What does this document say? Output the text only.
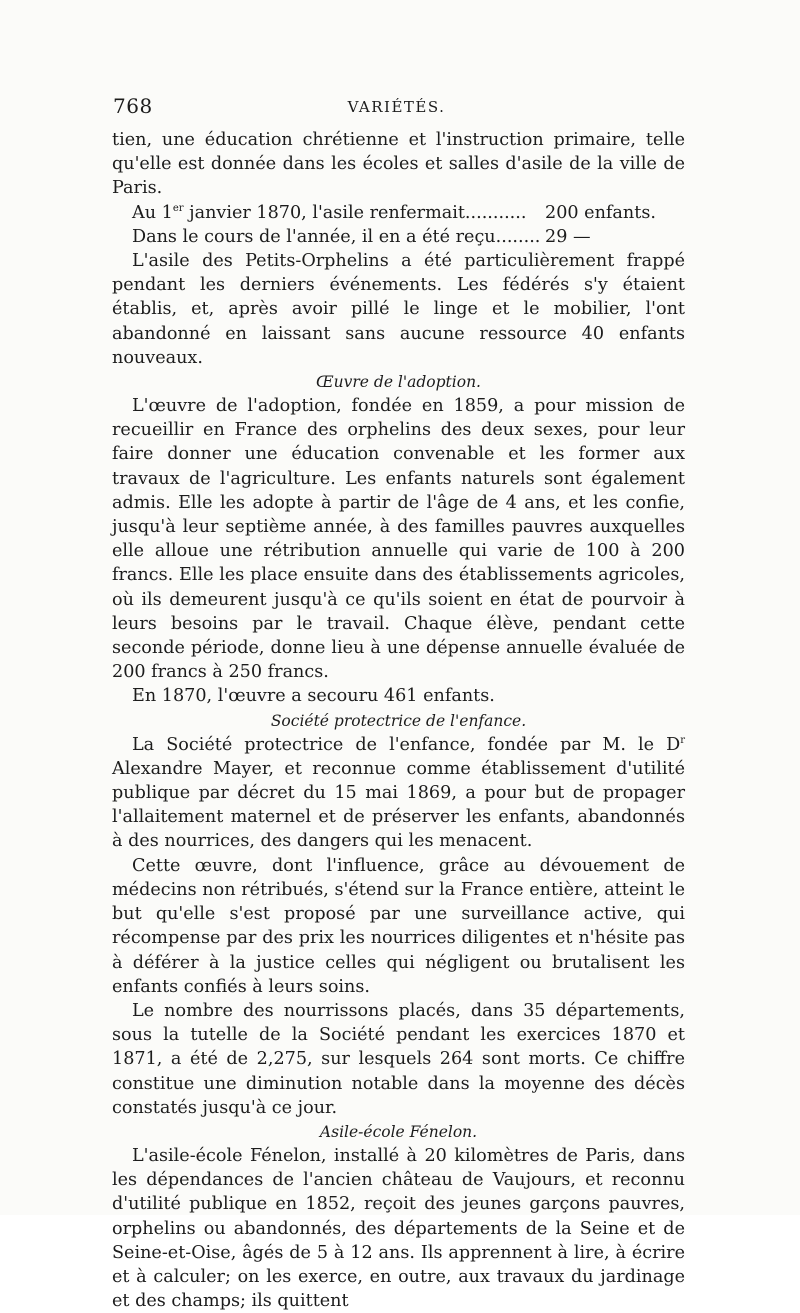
768	VARIÉTÉS.

tien, une éducation chrétienne et l'instruction primaire, telle qu'elle est donnée dans les écoles et salles d'asile de la ville de Paris.

Au 1er janvier 1870, l'asile renfermait...........	200 enfants.
Dans le cours de l'année, il en a été reçu........ 29 —

L'asile des Petits-Orphelins a été particulièrement frappé pendant les derniers événements. Les fédérés s'y étaient établis, et, après avoir pillé le linge et le mobilier, l'ont abandonné en laissant sans aucune ressource 40 enfants nouveaux.

Œuvre de l'adoption.

L'œuvre de l'adoption, fondée en 1859, a pour mission de recueillir en France des orphelins des deux sexes, pour leur faire donner une éducation convenable et les former aux travaux de l'agriculture. Les enfants naturels sont également admis. Elle les adopte à partir de l'âge de 4 ans, et les confie, jusqu'à leur septième année, à des familles pauvres auxquelles elle alloue une rétribution annuelle qui varie de 100 à 200 francs. Elle les place ensuite dans des établissements agricoles, où ils demeurent jusqu'à ce qu'ils soient en état de pourvoir à leurs besoins par le travail. Chaque élève, pendant cette seconde période, donne lieu à une dépense annuelle évaluée de 200 francs à 250 francs.

En 1870, l'œuvre a secouru 461 enfants.

Société protectrice de l'enfance.

La Société protectrice de l'enfance, fondée par M. le $D^r$ Alexandre Mayer, et reconnue comme établissement d'utilité publique par décret du 15 mai 1869, a pour but de propager l'allaitement maternel et de préserver les enfants, abandonnés à des nourrices, des dangers qui les menacent.

Cette œuvre, dont l'influence, grâce au dévouement de médecins non rétribués, s'étend sur la France entière, atteint le but qu'elle s'est proposé par une surveillance active, qui récompense par des prix les nourrices diligentes et n'hésite pas à déférer à la justice celles qui négligent ou brutalisent les enfants confiés à leurs soins.

Le nombre des nourrissons placés, dans 35 départements, sous la tutelle de la Société pendant les exercices 1870 et 1871, a été de 2,275, sur lesquels 264 sont morts. Ce chiffre constitue une diminution notable dans la moyenne des décès constatés jusqu'à ce jour.

Asile-école Fénelon.

L'asile-école Fénelon, installé à 20 kilomètres de Paris, dans les dépendances de l'ancien château de Vaujours, et reconnu d'utilité publique en 1852, reçoit des jeunes garçons pauvres, orphelins ou abandonnés, des départements de la Seine et de Seine-et-Oise, âgés de 5 à 12 ans. Ils apprennent à lire, à écrire et à calculer; on les exerce, en outre, aux travaux du jardinage et des champs; ils quittent
